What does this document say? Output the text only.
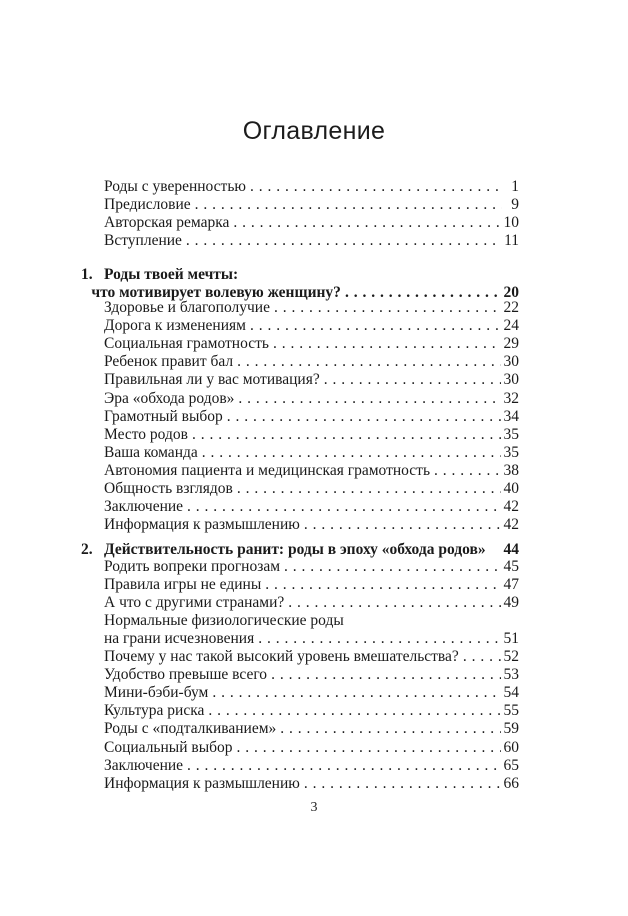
Оглавление
Роды с уверенностью . . .	1
Предисловие . . .	9
Авторская ремарка . . .	10
Вступление . . .	11
1. Роды твоей мечты:
что мотивирует волевую женщину? . . .	20
Здоровье и благополучие . . .	22
Дорога к изменениям . . .	24
Социальная грамотность . . .	29
Ребенок правит бал . . .	30
Правильная ли у вас мотивация? . . .	30
Эра «обхода родов» . . .	32
Грамотный выбор . . .	34
Место родов . . .	35
Ваша команда . . .	35
Автономия пациента и медицинская грамотность . . .	38
Общность взглядов . . .	40
Заключение . . .	42
Информация к размышлению . . .	42
2. Действительность ранит: роды в эпоху «обхода родов» 44
Родить вопреки прогнозам . . .	45
Правила игры не едины . . .	47
А что с другими странами? . . .	49
Нормальные физиологические роды
на грани исчезновения . . .	51
Почему у нас такой высокий уровень вмешательства? . . .	52
Удобство превыше всего . . .	53
Мини-бэби-бум . . .	54
Культура риска . . .	55
Роды с «подталкиванием» . . .	59
Социальный выбор . . .	60
Заключение . . .	65
Информация к размышлению . . .	66
3
